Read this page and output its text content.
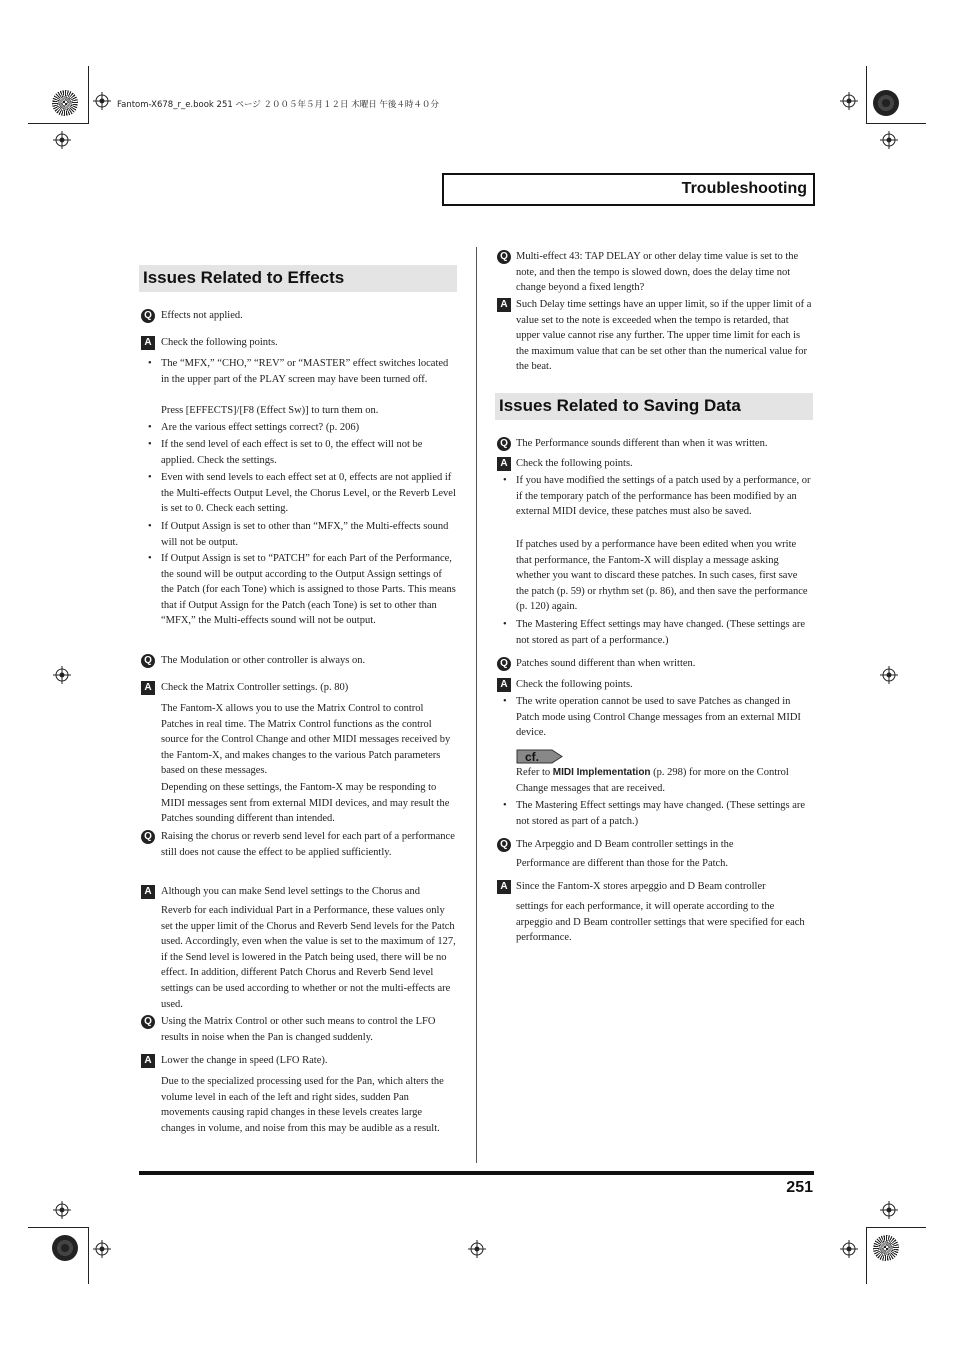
Fantom-X678_r_e.book 251 ページ ２００５年５月１２日 木曜日 午後４時４０分
Troubleshooting
Issues Related to Effects
Q Effects not applied.
A Check the following points.
• The “MFX,” “CHO,” “REV” or “MASTER” effect switches located in the upper part of the PLAY screen may have been turned off.
Press [EFFECTS]/[F8 (Effect Sw)] to turn them on.
• Are the various effect settings correct? (p. 206)
• If the send level of each effect is set to 0, the effect will not be applied. Check the settings.
• Even with send levels to each effect set at 0, effects are not applied if the Multi-effects Output Level, the Chorus Level, or the Reverb Level is set to 0. Check each setting.
• If Output Assign is set to other than “MFX,” the Multi-effects sound will not be output.
• If Output Assign is set to “PATCH” for each Part of the Performance, the sound will be output according to the Output Assign settings of the Patch (for each Tone) which is assigned to those Parts. This means that if Output Assign for the Patch (each Tone) is set to other than “MFX,” the Multi-effects sound will not be output.
Q The Modulation or other controller is always on.
A Check the Matrix Controller settings. (p. 80)
The Fantom-X allows you to use the Matrix Control to control Patches in real time. The Matrix Control functions as the control source for the Control Change and other MIDI messages received by the Fantom-X, and makes changes to the various Patch parameters based on these messages.
Depending on these settings, the Fantom-X may be responding to MIDI messages sent from external MIDI devices, and may result the Patches sounding different than intended.
Q Raising the chorus or reverb send level for each part of a performance still does not cause the effect to be applied sufficiently.
A Although you can make Send level settings to the Chorus and
Reverb for each individual Part in a Performance, these values only set the upper limit of the Chorus and Reverb Send levels for the Patch used. Accordingly, even when the value is set to the maximum of 127, if the Send level is lowered in the Patch being used, there will be no effect. In addition, different Patch Chorus and Reverb Send level settings can be used according to whether or not the multi-effects are used.
Q Using the Matrix Control or other such means to control the LFO results in noise when the Pan is changed suddenly.
A Lower the change in speed (LFO Rate).
Due to the specialized processing used for the Pan, which alters the volume level in each of the left and right sides, sudden Pan movements causing rapid changes in these levels creates large changes in volume, and noise from this may be audible as a result.
Q Multi-effect 43: TAP DELAY or other delay time value is set to the note, and then the tempo is slowed down, does the delay time not change beyond a fixed length?
A Such Delay time settings have an upper limit, so if the upper limit of a value set to the note is exceeded when the tempo is retarded, that upper value cannot rise any further. The upper time limit for each is the maximum value that can be set other than the numerical value for the beat.
Issues Related to Saving Data
Q The Performance sounds different than when it was written.
A Check the following points.
• If you have modified the settings of a patch used by a performance, or if the temporary patch of the performance has been modified by an external MIDI device, these patches must also be saved.
If patches used by a performance have been edited when you write that performance, the Fantom-X will display a message asking whether you want to discard these patches. In such cases, first save the patch (p. 59) or rhythm set (p. 86), and then save the performance (p. 120) again.
• The Mastering Effect settings may have changed. (These settings are not stored as part of a performance.)
Q Patches sound different than when written.
A Check the following points.
• The write operation cannot be used to save Patches as changed in Patch mode using Control Change messages from an external MIDI device.
cf.
Refer to MIDI Implementation (p. 298) for more on the Control Change messages that are received.
• The Mastering Effect settings may have changed. (These settings are not stored as part of a patch.)
Q The Arpeggio and D Beam controller settings in the
Performance are different than those for the Patch.
A Since the Fantom-X stores arpeggio and D Beam controller
settings for each performance, it will operate according to the arpeggio and D Beam controller settings that were specified for each performance.
251
